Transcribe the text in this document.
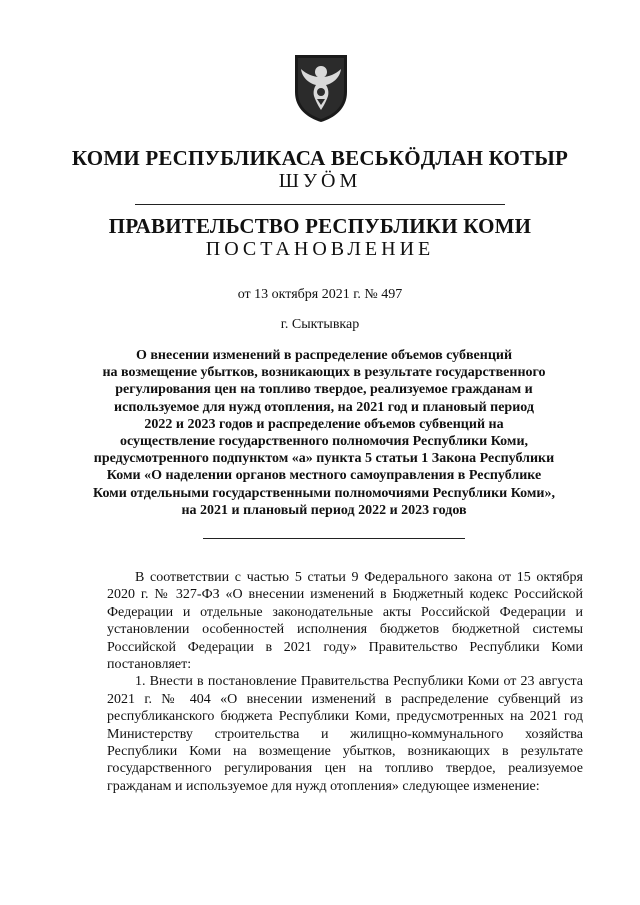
КОМИ РЕСПУБЛИКАСА ВЕСЬКӦДЛАН КОТЫР
ШУӦМ
ПРАВИТЕЛЬСТВО РЕСПУБЛИКИ КОМИ
ПОСТАНОВЛЕНИЕ
от 13 октября 2021 г. № 497
г. Сыктывкар
О внесении изменений в распределение объемов субвенций
на возмещение убытков, возникающих в результате государственного
регулирования цен на топливо твердое, реализуемое гражданам и
используемое для нужд отопления, на 2021 год и плановый период
2022 и 2023 годов и распределение объемов субвенций на
осуществление государственного полномочия Республики Коми,
предусмотренного подпунктом «а» пункта 5 статьи 1 Закона Республики
Коми «О наделении органов местного самоуправления в Республике
Коми отдельными государственными полномочиями Республики Коми»,
на 2021 и плановый период 2022 и 2023 годов

В соответствии с частью 5 статьи 9 Федерального закона от 15 октября 2020 г. № 327-ФЗ «О внесении изменений в Бюджетный кодекс Российской Федерации и отдельные законодательные акты Российской Федерации и установлении особенностей исполнения бюджетов бюджетной системы Российской Федерации в 2021 году» Правительство Республики Коми постановляет:

1. Внести в постановление Правительства Республики Коми от 23 августа 2021 г. № 404 «О внесении изменений в распределение субвенций из республиканского бюджета Республики Коми, предусмотренных на 2021 год Министерству строительства и жилищно-коммунального хозяйства Республики Коми на возмещение убытков, возникающих в результате государственного регулирования цен на топливо твердое, реализуемое гражданам и используемое для нужд отопления» следующее изменение:
